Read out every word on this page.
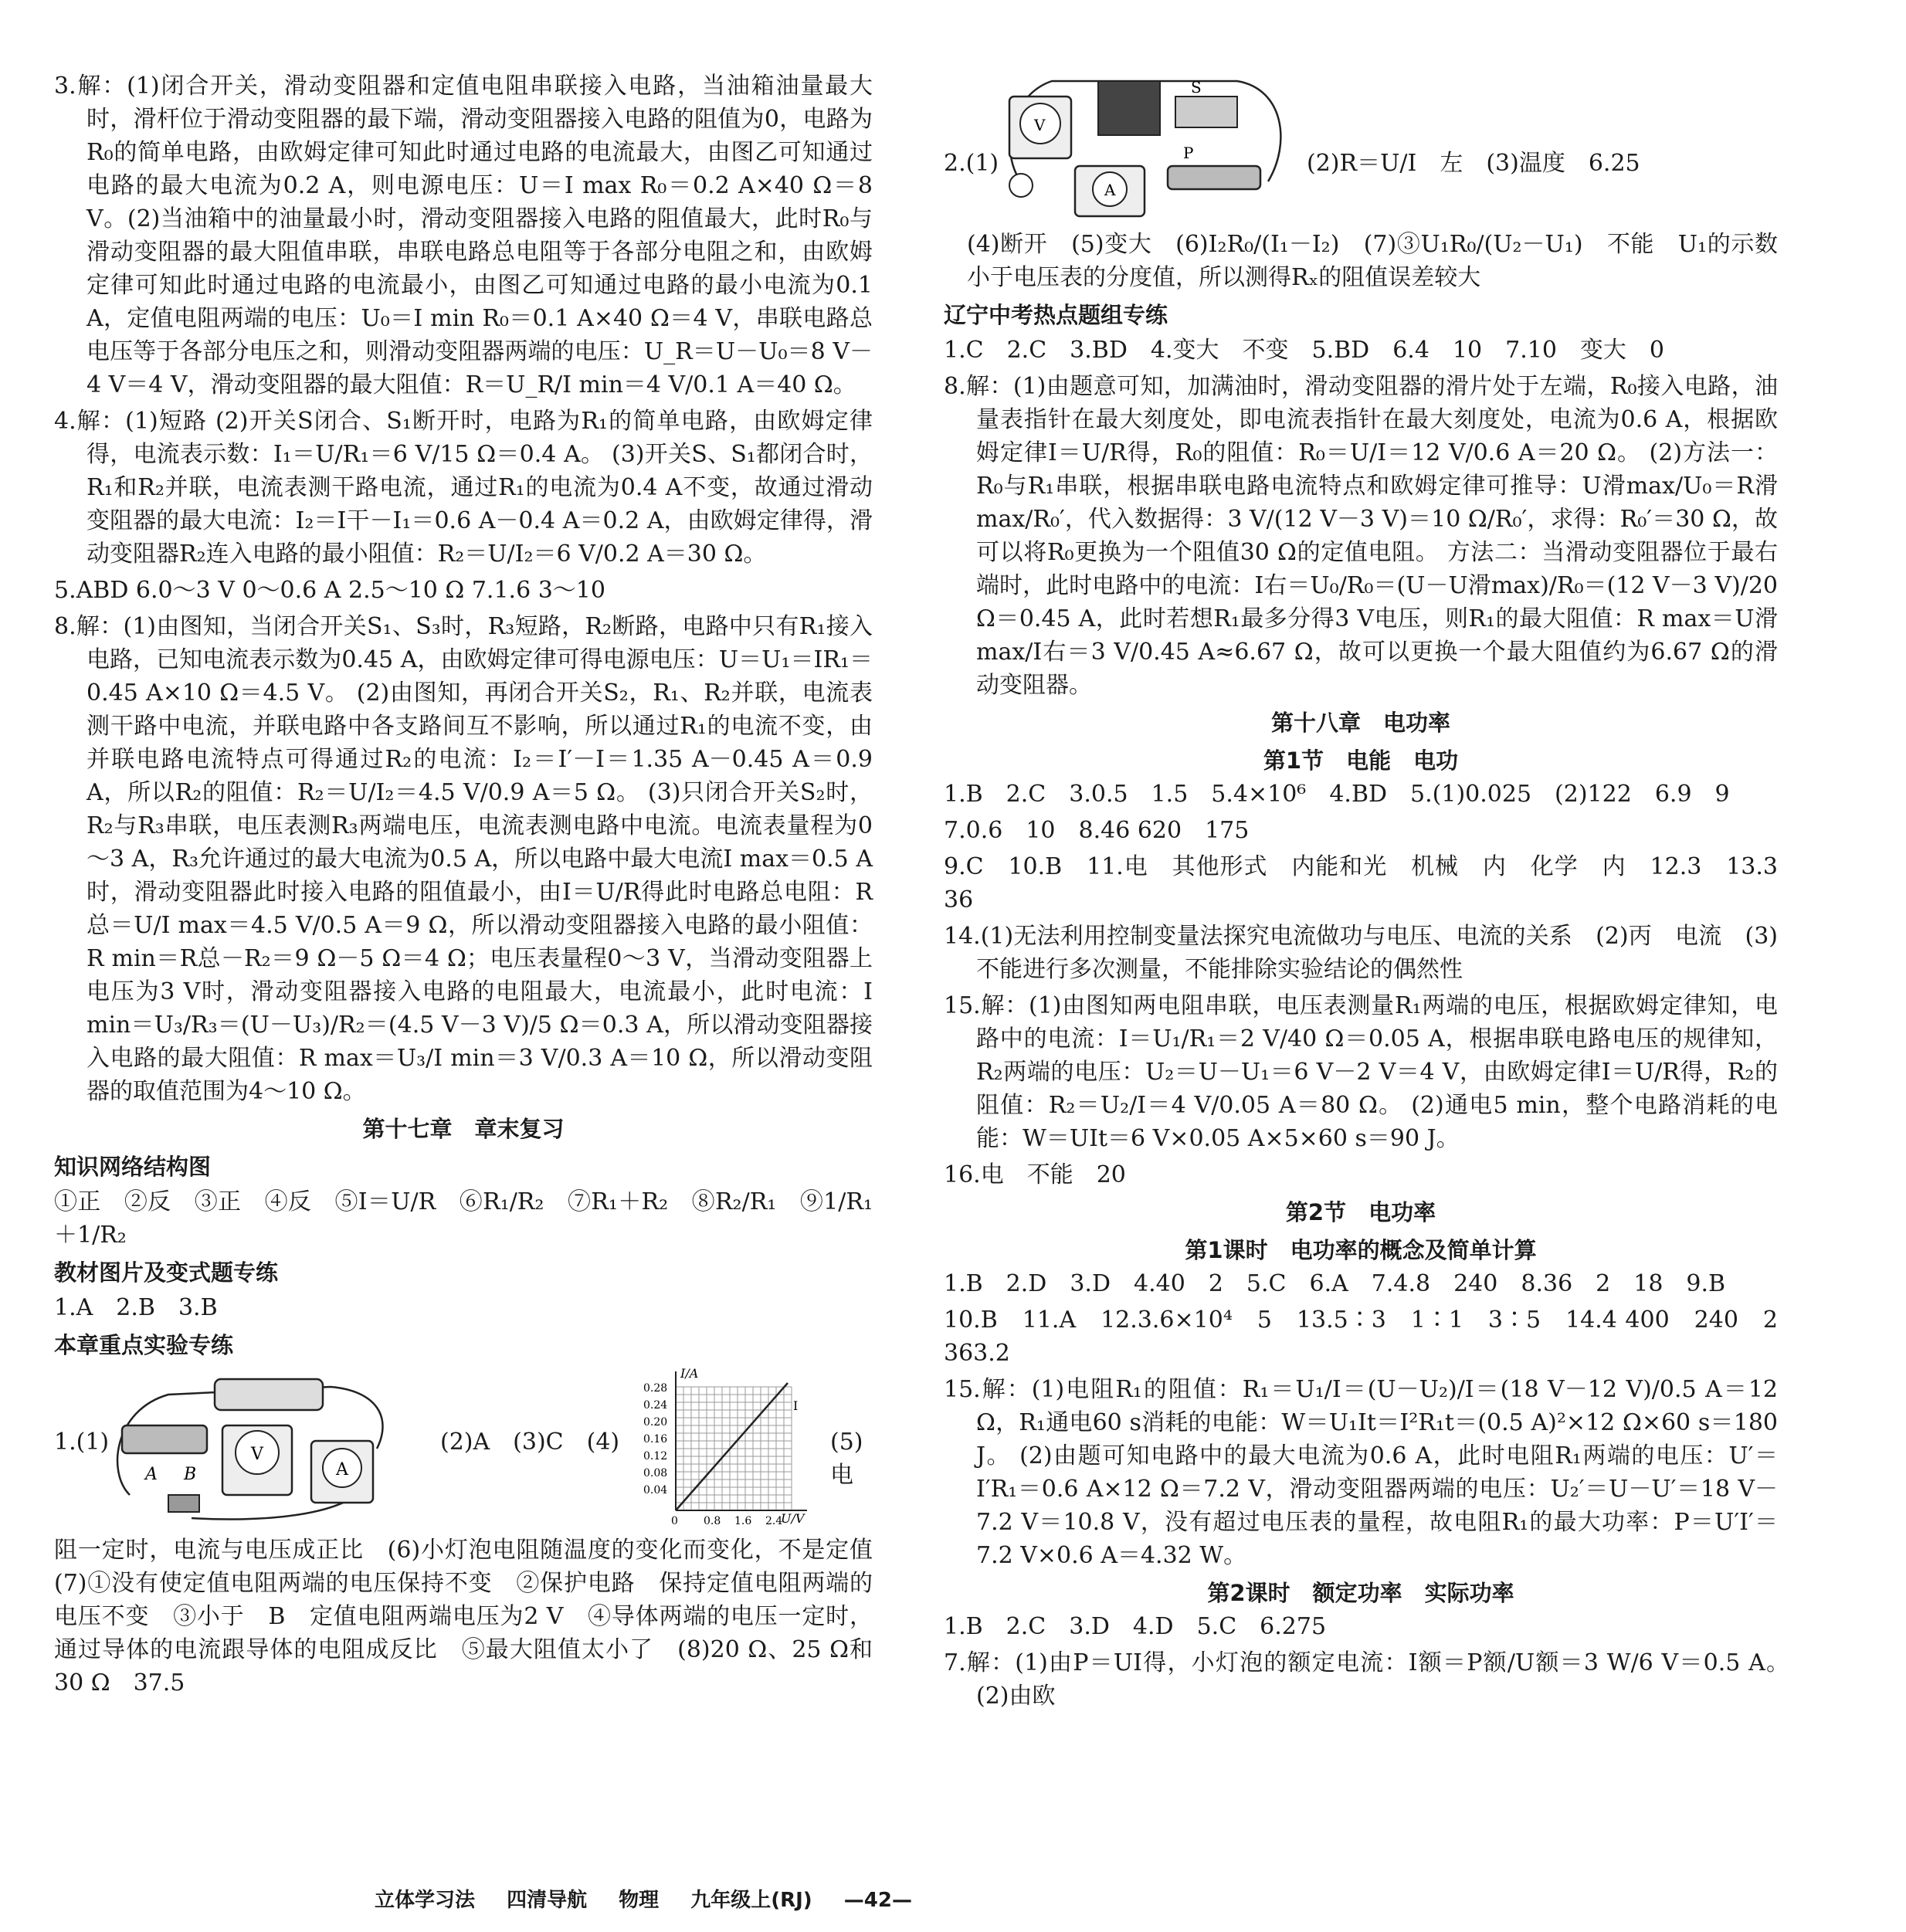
3.解：(1)闭合开关，滑动变阻器和定值电阻串联接入电路，当油箱油量最大时，滑杆位于滑动变阻器的最下端，滑动变阻器接入电路的阻值为0，电路为R₀的简单电路，由欧姆定律可知此时通过电路的电流最大，由图乙可知通过电路的最大电流为0.2 A，则电源电压：U＝I max R₀＝0.2 A×40 Ω＝8 V。(2)当油箱中的油量最小时，滑动变阻器接入电路的阻值最大，此时R₀与滑动变阻器的最大阻值串联，串联电路总电阻等于各部分电阻之和，由欧姆定律可知此时通过电路的电流最小，由图乙可知通过电路的最小电流为0.1 A，定值电阻两端的电压：U₀＝I min R₀＝0.1 A×40 Ω＝4 V，串联电路总电压等于各部分电压之和，则滑动变阻器两端的电压：U_R＝U－U₀＝8 V－4 V＝4 V，滑动变阻器的最大阻值：R＝U_R/I min＝4 V/0.1 A＝40 Ω。

4.解：(1)短路 (2)开关S闭合、S₁断开时，电路为R₁的简单电路，由欧姆定律得，电流表示数：I₁＝U/R₁＝6 V/15 Ω＝0.4 A。 (3)开关S、S₁都闭合时，R₁和R₂并联，电流表测干路电流，通过R₁的电流为0.4 A不变，故通过滑动变阻器的最大电流：I₂＝I干－I₁＝0.6 A－0.4 A＝0.2 A，由欧姆定律得，滑动变阻器R₂连入电路的最小阻值：R₂＝U/I₂＝6 V/0.2 A＝30 Ω。

5.ABD 6.0～3 V 0～0.6 A 2.5～10 Ω 7.1.6 3～10

8.解：(1)由图知，当闭合开关S₁、S₃时，R₃短路，R₂断路，电路中只有R₁接入电路，已知电流表示数为0.45 A，由欧姆定律可得电源电压：U＝U₁＝IR₁＝0.45 A×10 Ω＝4.5 V。 (2)由图知，再闭合开关S₂，R₁、R₂并联，电流表测干路中电流，并联电路中各支路间互不影响，所以通过R₁的电流不变，由并联电路电流特点可得通过R₂的电流：I₂＝I′－I＝1.35 A－0.45 A＝0.9 A，所以R₂的阻值：R₂＝U/I₂＝4.5 V/0.9 A＝5 Ω。 (3)只闭合开关S₂时，R₂与R₃串联，电压表测R₃两端电压，电流表测电路中电流。电流表量程为0～3 A，R₃允许通过的最大电流为0.5 A，所以电路中最大电流I max＝0.5 A时，滑动变阻器此时接入电路的阻值最小，由I＝U/R得此时电路总电阻：R总＝U/I max＝4.5 V/0.5 A＝9 Ω，所以滑动变阻器接入电路的最小阻值：R min＝R总－R₂＝9 Ω－5 Ω＝4 Ω；电压表量程0～3 V，当滑动变阻器上电压为3 V时，滑动变阻器接入电路的电阻最大，电流最小，此时电流：I min＝U₃/R₃＝(U－U₃)/R₂＝(4.5 V－3 V)/5 Ω＝0.3 A，所以滑动变阻器接入电路的最大阻值：R max＝U₃/I min＝3 V/0.3 A＝10 Ω，所以滑动变阻器的取值范围为4～10 Ω。

第十七章　章末复习
知识网络结构图

①正　②反　③正　④反　⑤I＝U/R　⑥R₁/R₂　⑦R₁＋R₂　⑧R₂/R₁　⑨1/R₁＋1/R₂

教材图片及变式题专练

1.A　2.B　3.B

本章重点实验专练
1.(1)	V
A
A B
(2)A　(3)C　(4)
I/A
U/V
I
0.28
0.24
0.20
0.16
0.12
0.08
0.04
0 0.8 1.6 2.4
(5)电

阻一定时，电流与电压成正比　(6)小灯泡电阻随温度的变化而变化，不是定值　(7)①没有使定值电阻两端的电压保持不变　②保护电路　保持定值电阻两端的电压不变　③小于　B　定值电阻两端电压为2 V　④导体两端的电压一定时，通过导体的电流跟导体的电阻成反比　⑤最大阻值太小了　(8)20 Ω、25 Ω和30 Ω　37.5

2.(1)
V
S
A
P	(2)R＝U/I　左　(3)温度　6.25

(4)断开　(5)变大　(6)I₂R₀/(I₁－I₂)　(7)③U₁R₀/(U₂－U₁)　不能　U₁的示数小于电压表的分度值，所以测得Rₓ的阻值误差较大

辽宁中考热点题组专练

1.C　2.C　3.BD　4.变大　不变　5.BD　6.4　10　7.10　变大　0

8.解：(1)由题意可知，加满油时，滑动变阻器的滑片处于左端，R₀接入电路，油量表指针在最大刻度处，即电流表指针在最大刻度处，电流为0.6 A，根据欧姆定律I＝U/R得，R₀的阻值：R₀＝U/I＝12 V/0.6 A＝20 Ω。 (2)方法一：R₀与R₁串联，根据串联电路电流特点和欧姆定律可推导：U滑max/U₀＝R滑max/R₀′，代入数据得：3 V/(12 V－3 V)＝10 Ω/R₀′，求得：R₀′＝30 Ω，故可以将R₀更换为一个阻值30 Ω的定值电阻。 方法二：当滑动变阻器位于最右端时，此时电路中的电流：I右＝U₀/R₀＝(U－U滑max)/R₀＝(12 V－3 V)/20 Ω＝0.45 A，此时若想R₁最多分得3 V电压，则R₁的最大阻值：R max＝U滑max/I右＝3 V/0.45 A≈6.67 Ω，故可以更换一个最大阻值约为6.67 Ω的滑动变阻器。

第十八章　电功率
第1节　电能　电功

1.B　2.C　3.0.5　1.5　5.4×10⁶　4.BD　5.(1)0.025　(2)122　6.9　9

7.0.6　10　8.46 620　175

9.C　10.B　11.电　其他形式　内能和光　机械　内　化学　内　12.3　13.3　36

14.(1)无法利用控制变量法探究电流做功与电压、电流的关系　(2)丙　电流　(3)不能进行多次测量，不能排除实验结论的偶然性

15.解：(1)由图知两电阻串联，电压表测量R₁两端的电压，根据欧姆定律知，电路中的电流：I＝U₁/R₁＝2 V/40 Ω＝0.05 A，根据串联电路电压的规律知，R₂两端的电压：U₂＝U－U₁＝6 V－2 V＝4 V，由欧姆定律I＝U/R得，R₂的阻值：R₂＝U₂/I＝4 V/0.05 A＝80 Ω。 (2)通电5 min，整个电路消耗的电能：W＝UIt＝6 V×0.05 A×5×60 s＝90 J。

16.电　不能　20

第2节　电功率
第1课时　电功率的概念及简单计算

1.B　2.D　3.D　4.40　2　5.C　6.A　7.4.8　240　8.36　2　18　9.B

10.B　11.A　12.3.6×10⁴　5　13.5∶3　1∶1　3∶5　14.4 400　240　2 363.2

15.解：(1)电阻R₁的阻值：R₁＝U₁/I＝(U－U₂)/I＝(18 V－12 V)/0.5 A＝12 Ω，R₁通电60 s消耗的电能：W＝U₁It＝I²R₁t＝(0.5 A)²×12 Ω×60 s＝180 J。 (2)由题可知电路中的最大电流为0.6 A，此时电阻R₁两端的电压：U′＝I′R₁＝0.6 A×12 Ω＝7.2 V，滑动变阻器两端的电压：U₂′＝U－U′＝18 V－7.2 V＝10.8 V，没有超过电压表的量程，故电阻R₁的最大功率：P＝U′I′＝7.2 V×0.6 A＝4.32 W。

第2课时　额定功率　实际功率

1.B　2.C　3.D　4.D　5.C　6.275

7.解：(1)由P＝UI得，小灯泡的额定电流：I额＝P额/U额＝3 W/6 V＝0.5 A。　(2)由欧

立体学习法 四清导航 物理 九年级上(RJ) —42—
